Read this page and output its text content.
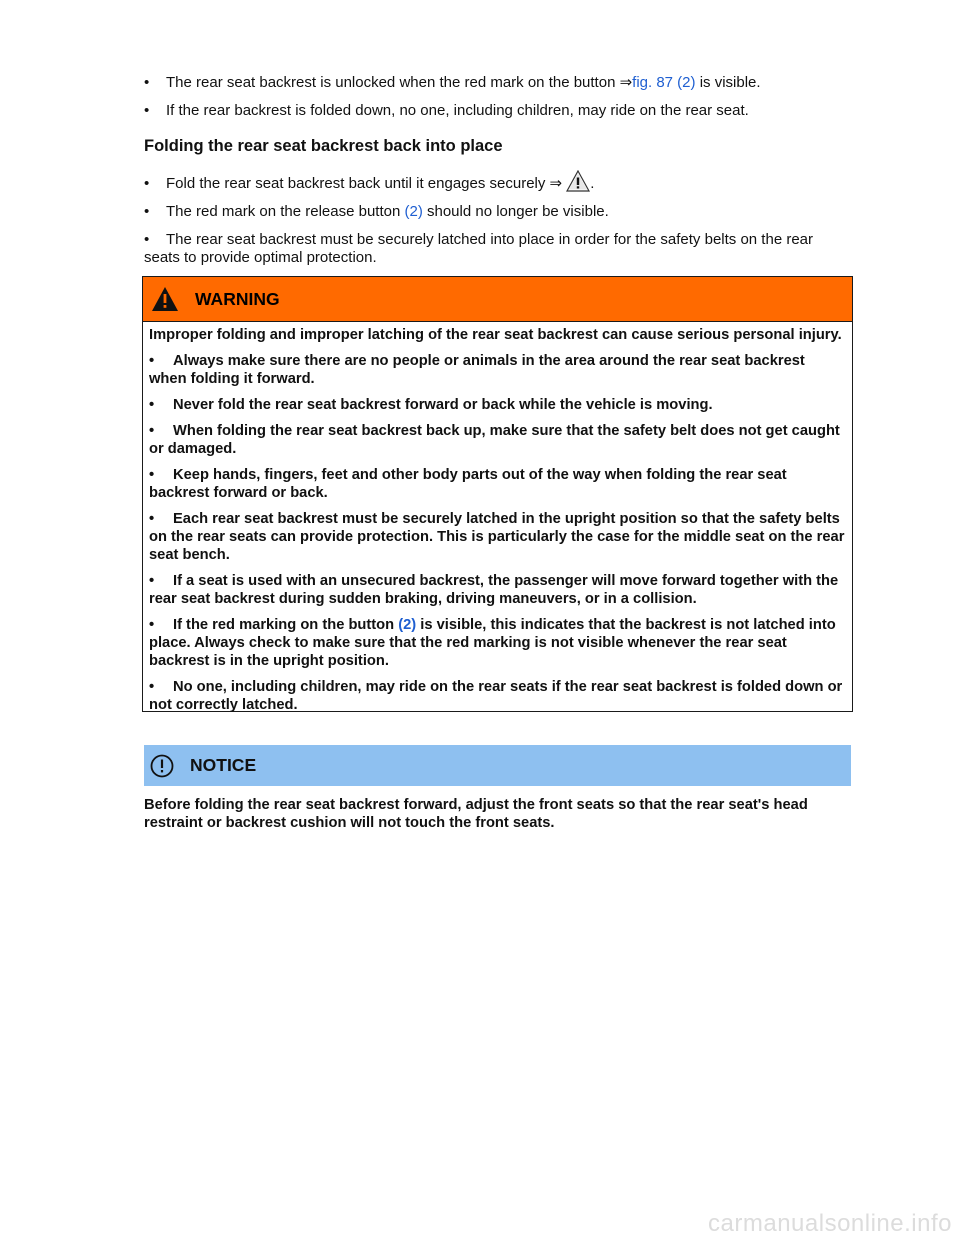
• The rear seat backrest is unlocked when the red mark on the button ⇒fig. 87 (2) is visible.

• If the rear backrest is folded down, no one, including children, may ride on the rear seat.

Folding the rear seat backrest back into place

• Fold the rear seat backrest back until it engages securely ⇒ .

• The red mark on the release button (2) should no longer be visible.

• The rear seat backrest must be securely latched into place in order for the safety belts on the rear seats to provide optimal protection.

WARNING

Improper folding and improper latching of the rear seat backrest can cause serious personal injury.

• Always make sure there are no people or animals in the area around the rear seat backrest when folding it forward.

• Never fold the rear seat backrest forward or back while the vehicle is moving.

• When folding the rear seat backrest back up, make sure that the safety belt does not get caught or damaged.

• Keep hands, fingers, feet and other body parts out of the way when folding the rear seat backrest forward or back.

• Each rear seat backrest must be securely latched in the upright position so that the safety belts on the rear seats can provide protection. This is particularly the case for the middle seat on the rear seat bench.

• If a seat is used with an unsecured backrest, the passenger will move forward together with the rear seat backrest during sudden braking, driving maneuvers, or in a collision.

• If the red marking on the button (2) is visible, this indicates that the backrest is not latched into place. Always check to make sure that the red marking is not visible whenever the rear seat backrest is in the upright position.

• No one, including children, may ride on the rear seats if the rear seat backrest is folded down or not correctly latched.

NOTICE
Before folding the rear seat backrest forward, adjust the front seats so that the rear seat's head restraint or backrest cushion will not touch the front seats.
carmanualsonline.info
